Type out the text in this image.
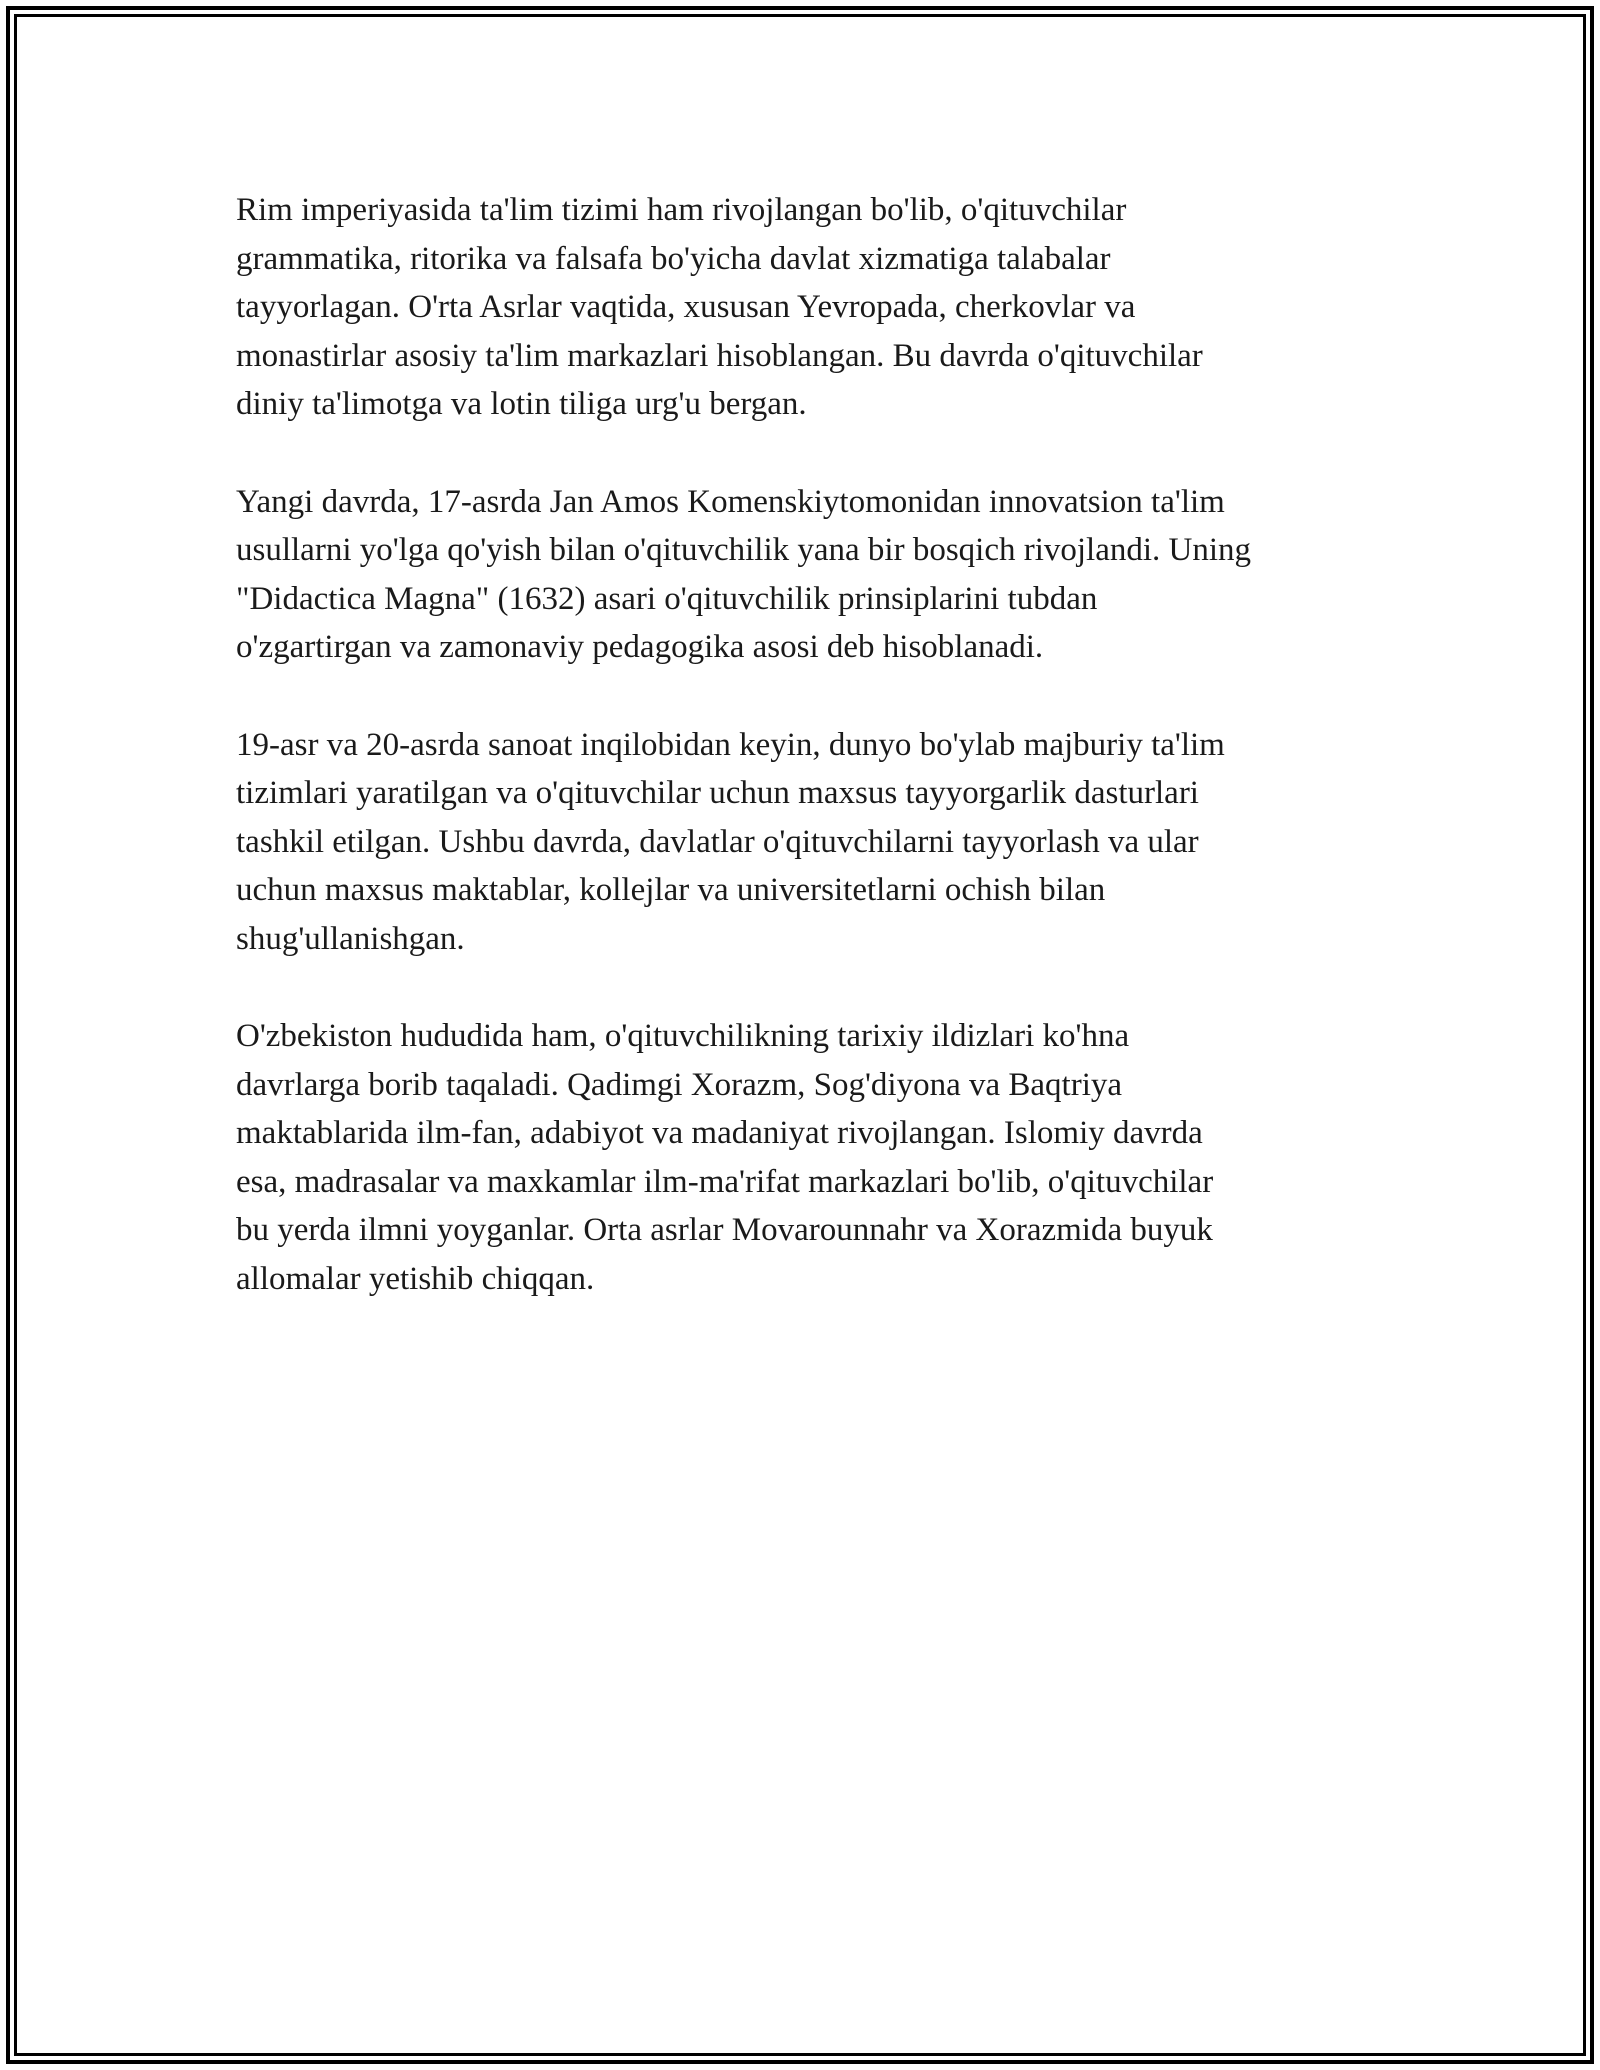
Rim imperiyasida ta'lim tizimi ham rivojlangan bo'lib, o'qituvchilar
grammatika, ritorika va falsafa bo'yicha davlat xizmatiga talabalar
tayyorlagan. O'rta Asrlar vaqtida, xususan Yevropada, cherkovlar va
monastirlar asosiy ta'lim markazlari hisoblangan. Bu davrda o'qituvchilar
diniy ta'limotga va lotin tiliga urg'u bergan.

Yangi davrda, 17-asrda Jan Amos Komenskiytomonidan innovatsion ta'lim
usullarni yo'lga qo'yish bilan o'qituvchilik yana bir bosqich rivojlandi. Uning
"Didactica Magna" (1632) asari o'qituvchilik prinsiplarini tubdan
o'zgartirgan va zamonaviy pedagogika asosi deb hisoblanadi.

19-asr va 20-asrda sanoat inqilobidan keyin, dunyo bo'ylab majburiy ta'lim
tizimlari yaratilgan va o'qituvchilar uchun maxsus tayyorgarlik dasturlari
tashkil etilgan. Ushbu davrda, davlatlar o'qituvchilarni tayyorlash va ular
uchun maxsus maktablar, kollejlar va universitetlarni ochish bilan
shug'ullanishgan.

O'zbekiston hududida ham, o'qituvchilikning tarixiy ildizlari ko'hna
davrlarga borib taqaladi. Qadimgi Xorazm, Sog'diyona va Baqtriya
maktablarida ilm-fan, adabiyot va madaniyat rivojlangan. Islomiy davrda
esa, madrasalar va maxkamlar ilm-ma'rifat markazlari bo'lib, o'qituvchilar
bu yerda ilmni yoyganlar. Orta asrlar Movarounnahr va Xorazmida buyuk
allomalar yetishib chiqqan.
